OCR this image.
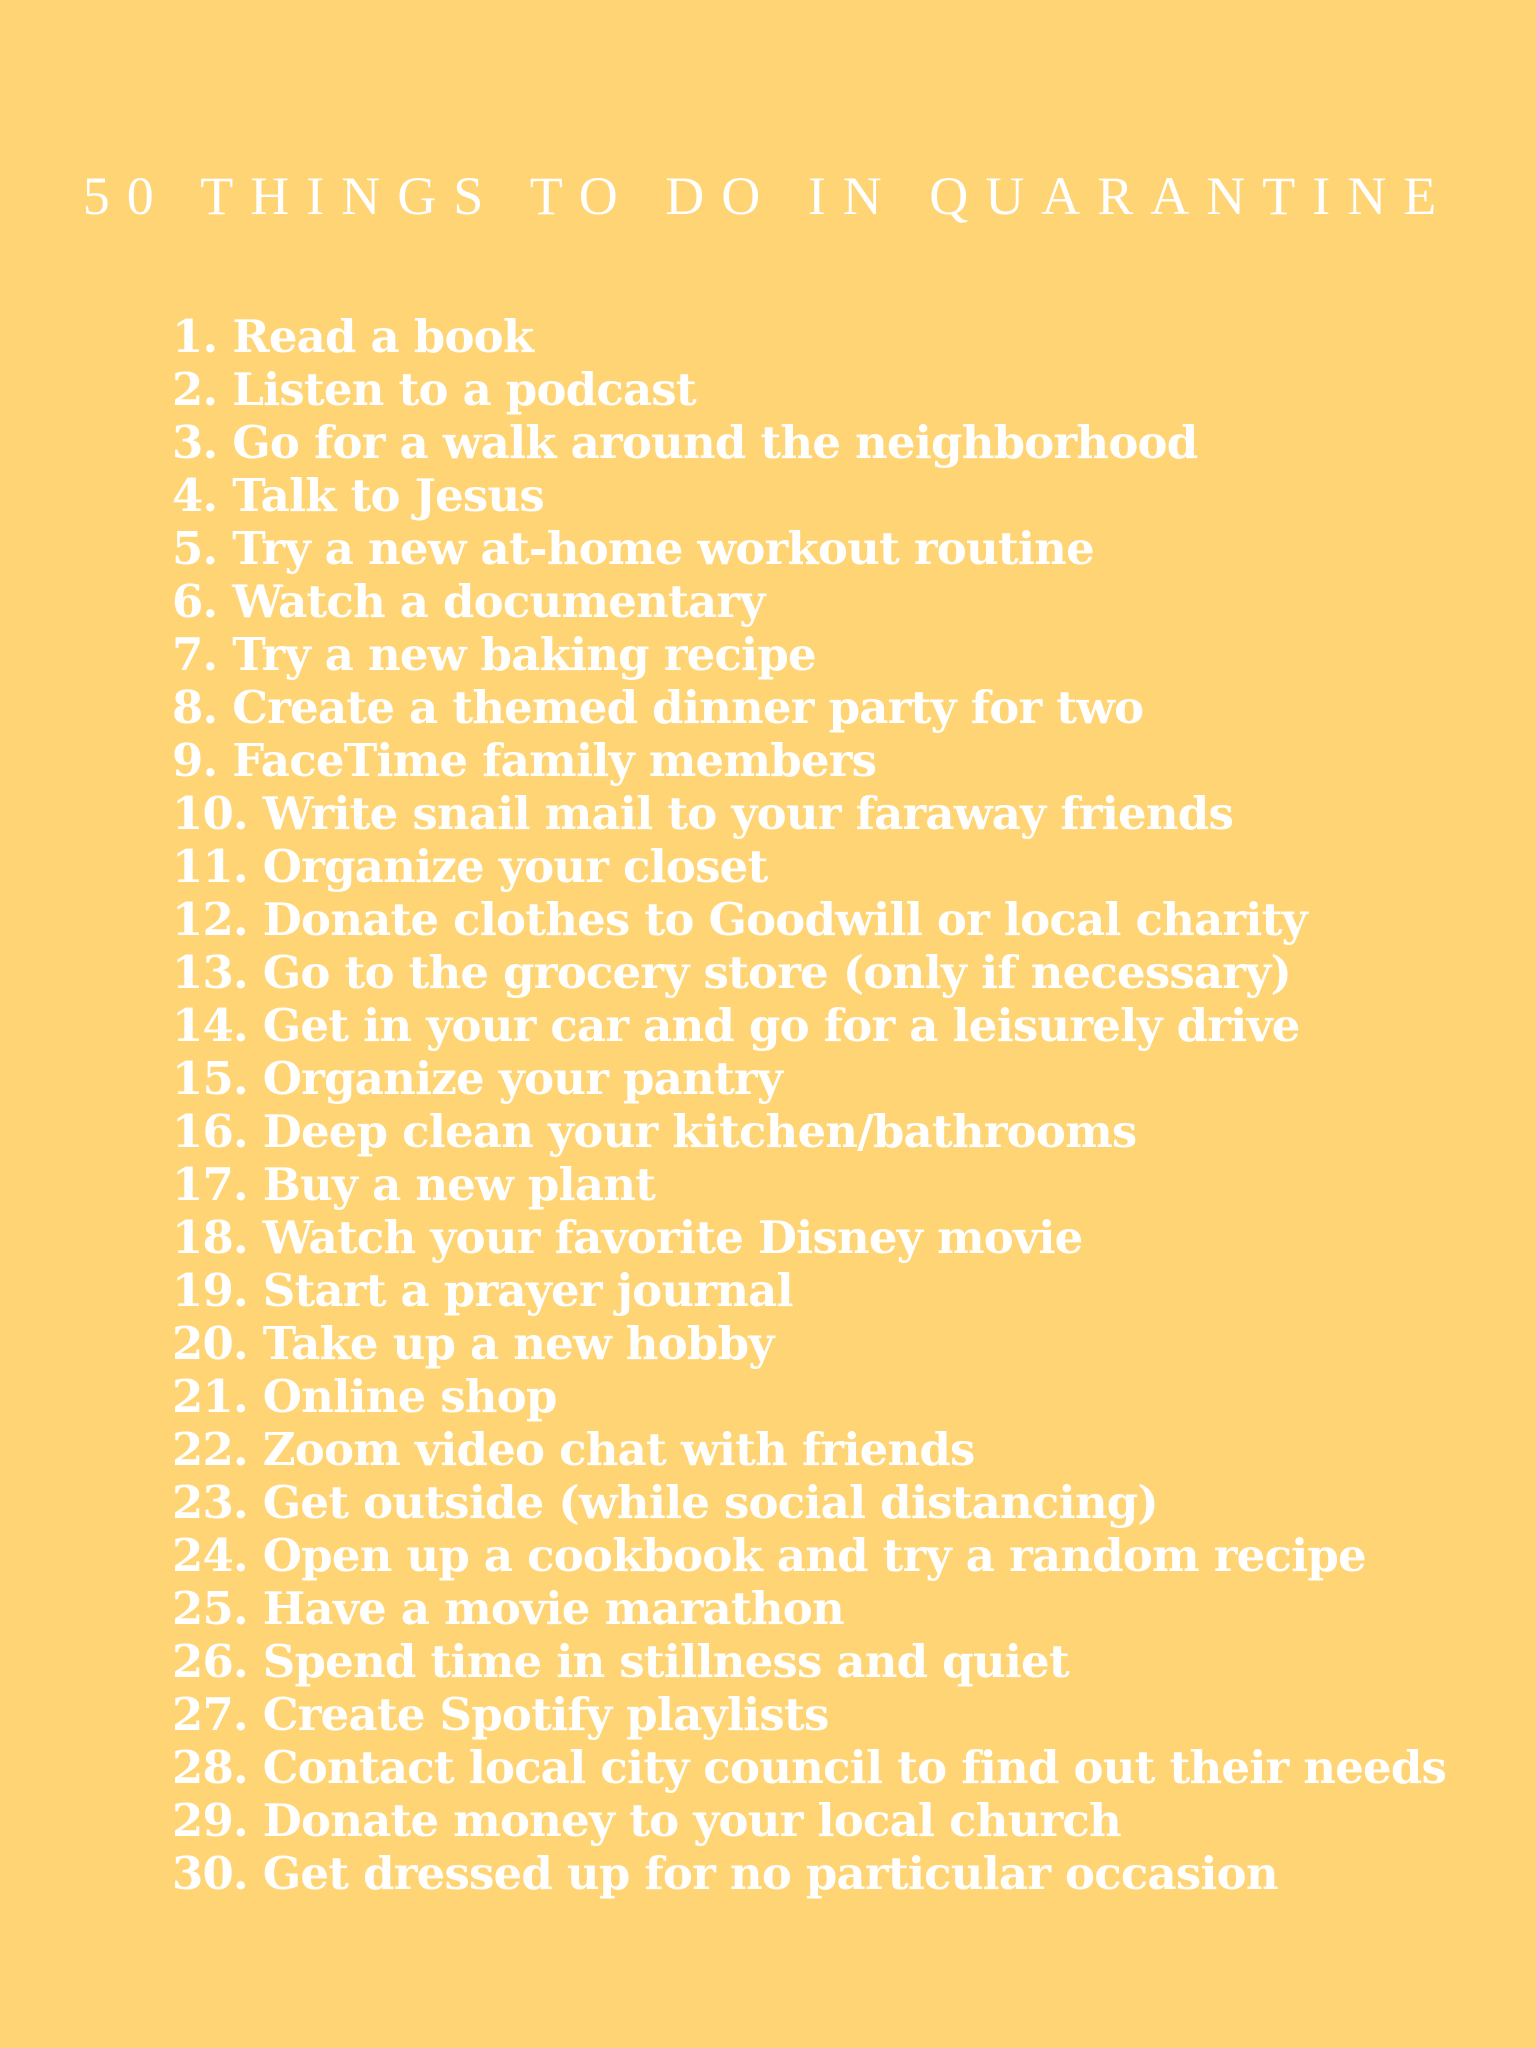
50 THINGS TO DO IN QUARANTINE
1. Read a book
2. Listen to a podcast
3. Go for a walk around the neighborhood
4. Talk to Jesus
5. Try a new at-home workout routine
6. Watch a documentary
7. Try a new baking recipe
8. Create a themed dinner party for two
9. FaceTime family members
10. Write snail mail to your faraway friends
11. Organize your closet
12. Donate clothes to Goodwill or local charity
13. Go to the grocery store (only if necessary)
14. Get in your car and go for a leisurely drive
15. Organize your pantry
16. Deep clean your kitchen/bathrooms
17. Buy a new plant
18. Watch your favorite Disney movie
19. Start a prayer journal
20. Take up a new hobby
21. Online shop
22. Zoom video chat with friends
23. Get outside (while social distancing)
24. Open up a cookbook and try a random recipe
25. Have a movie marathon
26. Spend time in stillness and quiet
27. Create Spotify playlists
28. Contact local city council to find out their needs
29. Donate money to your local church
30. Get dressed up for no particular occasion
